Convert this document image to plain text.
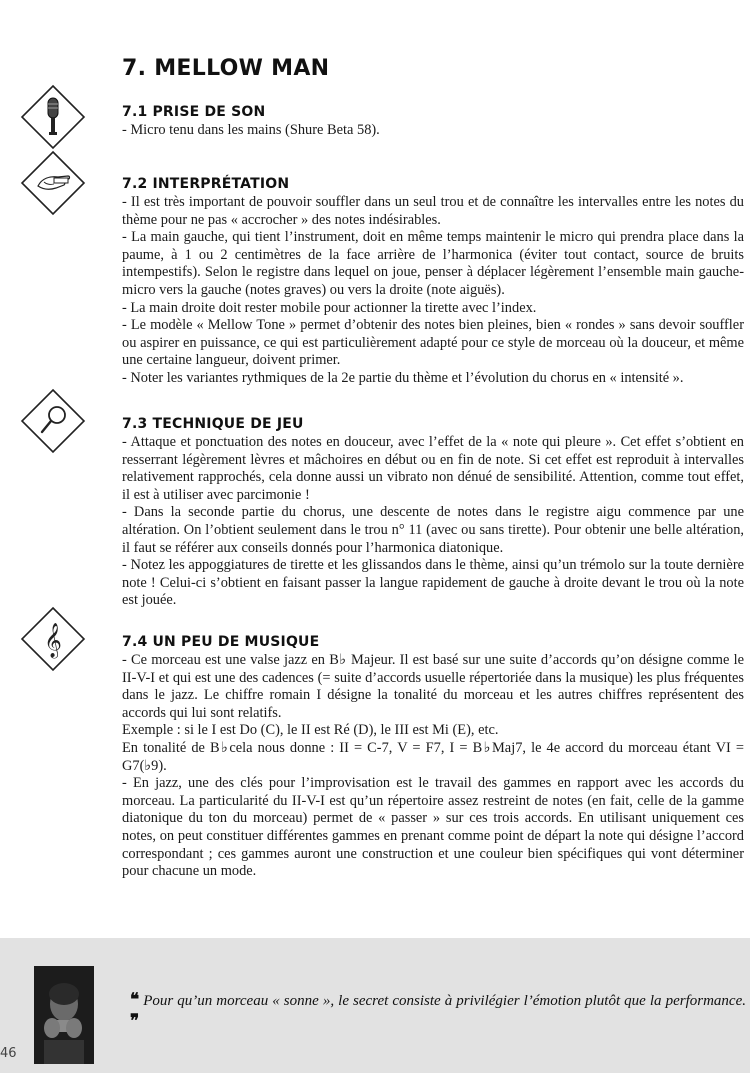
7. MELLOW MAN
𝄞
7.1 PRISE DE SON

- Micro tenu dans les mains (Shure Beta 58).

7.2 INTERPRÉTATION

- Il est très important de pouvoir souffler dans un seul trou et de connaître les intervalles entre les notes du thème pour ne pas « accrocher » des notes indésirables.

- La main gauche, qui tient l’instrument, doit en même temps maintenir le micro qui prendra place dans la paume, à 1 ou 2 centimètres de la face arrière de l’harmonica (éviter tout contact, source de bruits intempestifs). Selon le registre dans lequel on joue, penser à déplacer légèrement l’ensemble main gauche-micro vers la gauche (notes graves) ou vers la droite (note aiguës).

- La main droite doit rester mobile pour actionner la tirette avec l’index.

- Le modèle « Mellow Tone » permet d’obtenir des notes bien pleines, bien « rondes » sans devoir souffler ou aspirer en puissance, ce qui est particulièrement adapté pour ce style de morceau où la douceur, et même une certaine langueur, doivent primer.

- Noter les variantes rythmiques de la 2e partie du thème et l’évolution du chorus en « intensité ».

7.3 TECHNIQUE DE JEU

- Attaque et ponctuation des notes en douceur, avec l’effet de la « note qui pleure ». Cet effet s’obtient en resserrant légèrement lèvres et mâchoires en début ou en fin de note. Si cet effet est reproduit à intervalles relativement rapprochés, cela donne aussi un vibrato non dénué de sensibilité. Attention, comme tout effet, il est à utiliser avec parcimonie !

- Dans la seconde partie du chorus, une descente de notes dans le registre aigu commence par une altération. On l’obtient seulement dans le trou n° 11 (avec ou sans tirette). Pour obtenir une belle altération, il faut se référer aux conseils donnés pour l’harmonica diatonique.

- Notez les appoggiatures de tirette et les glissandos dans le thème, ainsi qu’un trémolo sur la toute dernière note ! Celui-ci s’obtient en faisant passer la langue rapidement de gauche à droite devant le trou où la note est jouée.

7.4 UN PEU DE MUSIQUE

- Ce morceau est une valse jazz en B♭ Majeur. Il est basé sur une suite d’accords qu’on désigne comme le II-V-I et qui est une des cadences (= suite d’accords usuelle répertoriée dans la musique) les plus fréquentes dans le jazz. Le chiffre romain I désigne la tonalité du morceau et les autres chiffres représentent des accords qui lui sont relatifs.

Exemple : si le I est Do (C), le II est Ré (D), le III est Mi (E), etc.

En tonalité de B♭cela nous donne : II = C-7, V = F7, I = B♭Maj7, le 4e accord du morceau étant VI = G7(♭9).

- En jazz, une des clés pour l’improvisation est le travail des gammes en rapport avec les accords du morceau. La particularité du II-V-I est qu’un répertoire assez restreint de notes (en fait, celle de la gamme diatonique du ton du morceau) permet de « passer » sur ces trois accords. En utilisant uniquement ces notes, on peut constituer différentes gammes en prenant comme point de départ la note qui désigne l’accord correspondant ; ces gammes auront une construction et une couleur bien spécifiques qui vont déterminer pour chacune un mode.

❝ Pour qu’un morceau « sonne », le secret consiste à privilégier l’émotion plutôt que la performance. ❞
46
